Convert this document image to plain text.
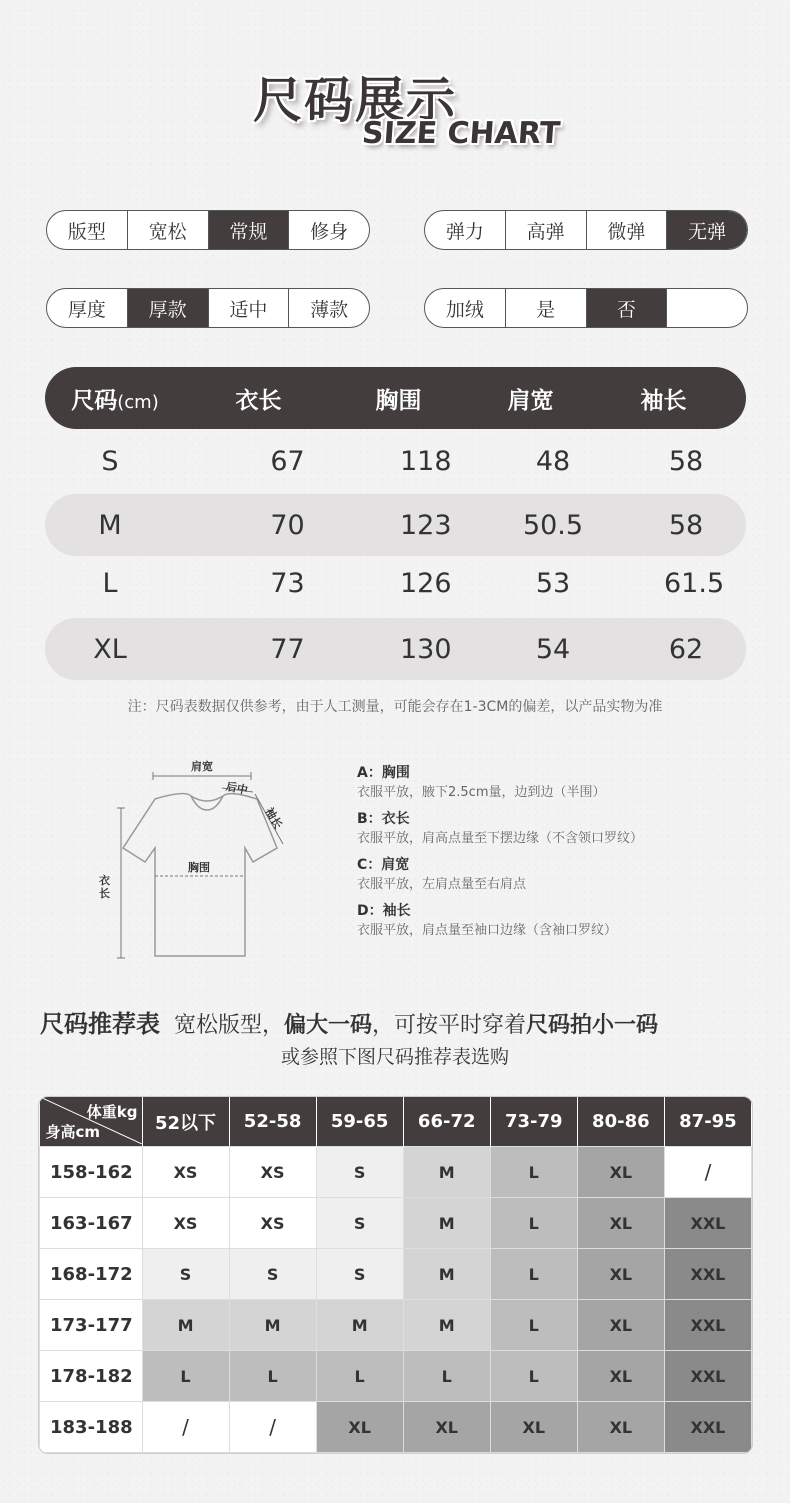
尺码展示
SIZE CHART
版型	宽松	常规	修身	弹力	高弹	微弹	无弹
厚度	厚款	适中	薄款	加绒	是	否
尺码(cm)	衣长	胸围	肩宽	袖长
S	67	118	48	58
M	70	123	50.5	58
L	73	126	53	61.5
XL	77	130	54	62
注：尺码表数据仅供参考，由于人工测量，可能会存在1-3CM的偏差，以产品实物为准
肩宽
后中
袖长
胸围
衣长
A：胸围
衣服平放，腋下2.5cm量，边到边（半围）
B：衣长
衣服平放，肩高点量至下摆边缘（不含领口罗纹）
C：肩宽
衣服平放，左肩点量至右肩点
D：袖长
衣服平放，肩点量至袖口边缘（含袖口罗纹）
尺码推荐表 宽松版型，偏大一码，可按平时穿着尺码拍小一码
或参照下图尺码推荐表选购
体重kg
身高cm	52以下	52-58	59-65	66-72	73-79	80-86	87-95
158-162	XS	XS	S	M	L	XL	/
163-167	XS	XS	S	M	L	XL	XXL
168-172	S	S	S	M	L	XL	XXL
173-177	M	M	M	M	L	XL	XXL
178-182	L	L	L	L	L	XL	XXL
183-188	/	/	XL	XL	XL	XL	XXL
